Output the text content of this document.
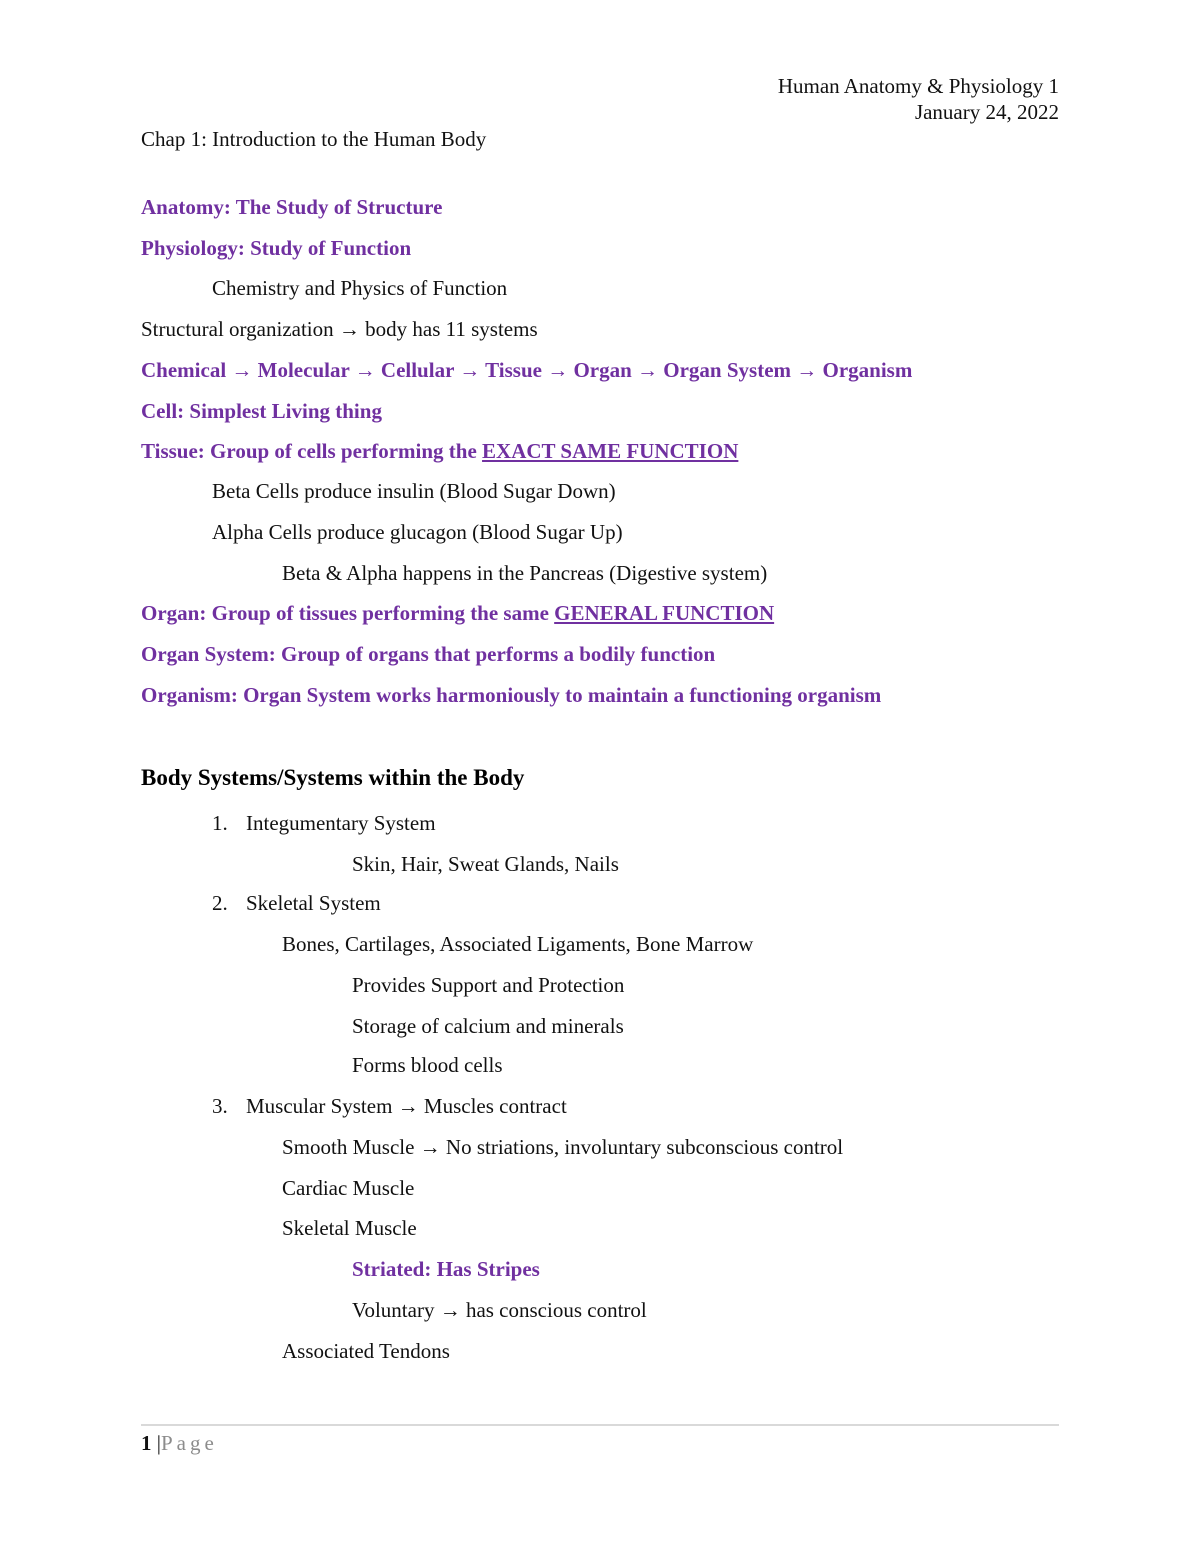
Human Anatomy & Physiology 1
January 24, 2022
Chap 1: Introduction to the Human Body
Anatomy: The Study of Structure
Physiology: Study of Function
Chemistry and Physics of Function
Structural organization → body has 11 systems
Chemical → Molecular → Cellular → Tissue → Organ → Organ System → Organism
Cell: Simplest Living thing
Tissue: Group of cells performing the EXACT SAME FUNCTION
Beta Cells produce insulin (Blood Sugar Down)
Alpha Cells produce glucagon (Blood Sugar Up)
Beta & Alpha happens in the Pancreas (Digestive system)
Organ: Group of tissues performing the same GENERAL FUNCTION
Organ System: Group of organs that performs a bodily function
Organism: Organ System works harmoniously to maintain a functioning organism
Body Systems/Systems within the Body
1. Integumentary System
Skin, Hair, Sweat Glands, Nails
2. Skeletal System
Bones, Cartilages, Associated Ligaments, Bone Marrow
Provides Support and Protection
Storage of calcium and minerals
Forms blood cells
3. Muscular System → Muscles contract
Smooth Muscle → No striations, involuntary subconscious control
Cardiac Muscle
Skeletal Muscle
Striated: Has Stripes
Voluntary → has conscious control
Associated Tendons
1 |Page
